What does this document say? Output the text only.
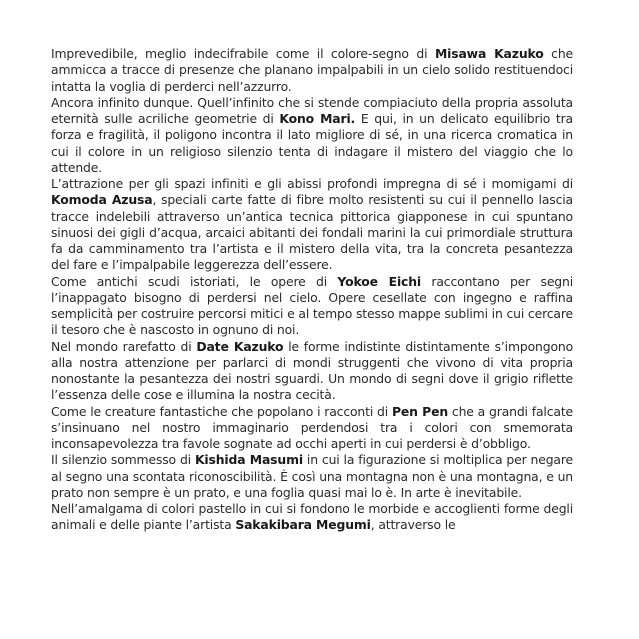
Imprevedibile, meglio indecifrabile come il colore-segno di Misawa Kazuko che ammicca a tracce di presenze che planano impalpabili in un cielo solido restituendoci intatta la voglia di perderci nell’azzurro.

Ancora infinito dunque. Quell’infinito che si stende compiaciuto della propria assoluta eternità sulle acriliche geometrie di Kono Mari. E qui, in un delicato equilibrio tra forza e fragilità, il poligono incontra il lato migliore di sé, in una ricerca cromatica in cui il colore in un religioso silenzio tenta di indagare il mistero del viaggio che lo attende.

L’attrazione per gli spazi infiniti e gli abissi profondi impregna di sé i momigami di Komoda Azusa, speciali carte fatte di fibre molto resistenti su cui il pennello lascia tracce indelebili attraverso un’antica tecnica pittorica giapponese in cui spuntano sinuosi dei gigli d’acqua, arcaici abitanti dei fondali marini la cui primordiale struttura fa da camminamento tra l’artista e il mistero della vita, tra la concreta pesantezza del fare e l’impalpabile leggerezza dell’essere.

Come antichi scudi istoriati, le opere di Yokoe Eichi raccontano per segni l’inappagato bisogno di perdersi nel cielo. Opere cesellate con ingegno e raffina semplicità per costruire percorsi mitici e al tempo stesso mappe sublimi in cui cercare il tesoro che è nascosto in ognuno di noi.

Nel mondo rarefatto di Date Kazuko le forme indistinte distintamente s’impongono alla nostra attenzione per parlarci di mondi struggenti che vivono di vita propria nonostante la pesantezza dei nostri sguardi. Un mondo di segni dove il grigio riflette l’essenza delle cose e illumina la nostra cecità.

Come le creature fantastiche che popolano i racconti di Pen Pen che a grandi falcate s’insinuano nel nostro immaginario perdendosi tra i colori con smemorata inconsapevolezza tra favole sognate ad occhi aperti in cui perdersi è d’obbligo.

Il silenzio sommesso di Kishida Masumi in cui la figurazione si moltiplica per negare al segno una scontata riconoscibilità. È così una montagna non è una montagna, e un prato non sempre è un prato, e una foglia quasi mai lo è. In arte è inevitabile.

Nell’amalgama di colori pastello in cui si fondono le morbide e accoglienti forme degli animali e delle piante l’artista Sakakibara Megumi, attraverso le
